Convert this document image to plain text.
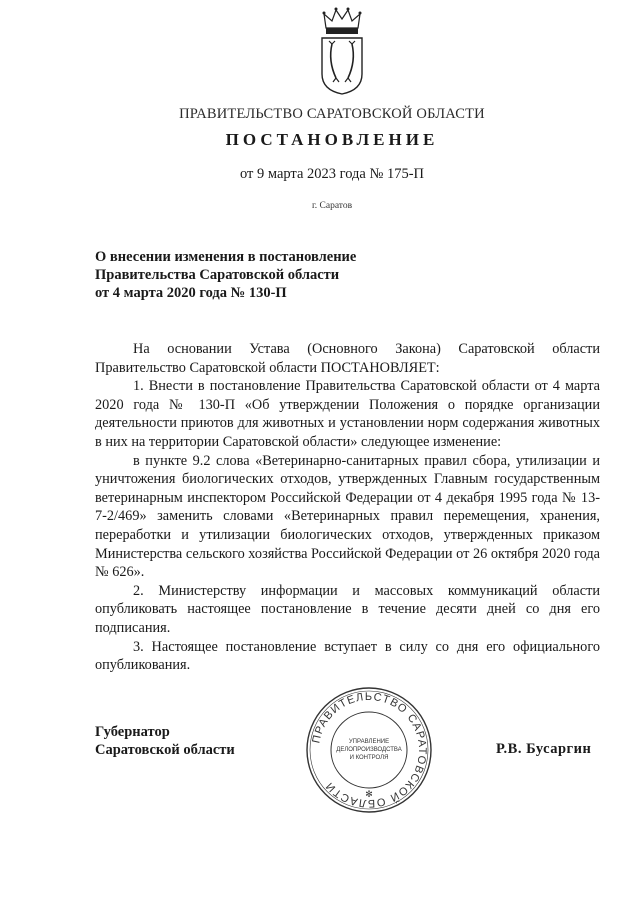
ПРАВИТЕЛЬСТВО САРАТОВСКОЙ ОБЛАСТИ
ПОСТАНОВЛЕНИЕ
от 9 марта 2023 года № 175-П
г. Саратов
О внесении изменения в постановление
Правительства Саратовской области
от 4 марта 2020 года № 130-П

На основании Устава (Основного Закона) Саратовской области Правительство Саратовской области ПОСТАНОВЛЯЕТ:

1. Внести в постановление Правительства Саратовской области от 4 марта 2020 года № 130-П «Об утверждении Положения о порядке организации деятельности приютов для животных и установлении норм содержания животных в них на территории Саратовской области» следующее изменение:

в пункте 9.2 слова «Ветеринарно-санитарных правил сбора, утилизации и уничтожения биологических отходов, утвержденных Главным государственным ветеринарным инспектором Российской Федерации от 4 декабря 1995 года № 13-7-2/469» заменить словами «Ветеринарных правил перемещения, хранения, переработки и утилизации биологических отходов, утвержденных приказом Министерства сельского хозяйства Российской Федерации от 26 октября 2020 года № 626».

2. Министерству информации и массовых коммуникаций области опубликовать настоящее постановление в течение десяти дней со дня его подписания.

3. Настоящее постановление вступает в силу со дня его официального опубликования.

Губернатор
Саратовской области
ПРАВИТЕЛЬСТВО САРАТОВСКОЙ ОБЛАСТИ
✻
УПРАВЛЕНИЕ
ДЕЛОПРОИЗВОДСТВА
И КОНТРОЛЯ
Р.В. Бусаргин
